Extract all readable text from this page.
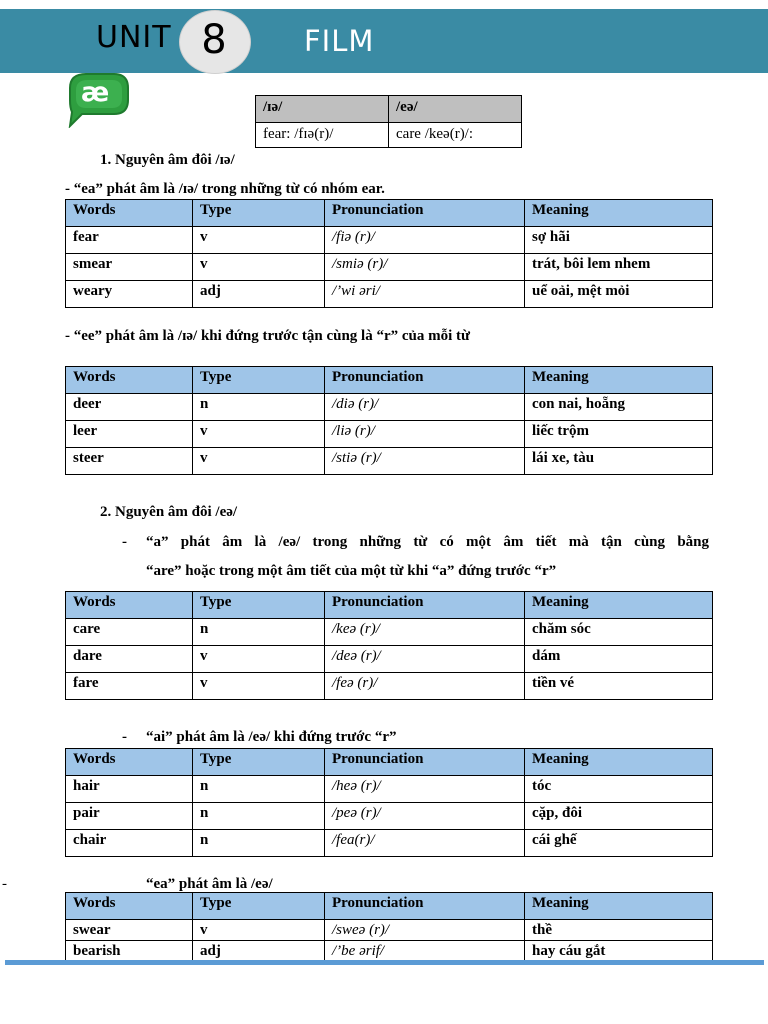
UNIT 8	FILM
æ	/ɪə/	/eə/
fear: /fɪə(r)/	care /keə(r)/:
1. Nguyên âm đôi /ɪə/
- “ea” phát âm là /ɪə/ trong những từ có nhóm ear.
Words	Type	Pronunciation	Meaning
fear	v	/fiə (r)/	sợ hãi
smear	v	/smiə (r)/	trát, bôi lem nhem
weary	adj	/’wi əri/	uể oải, mệt mỏi
- “ee” phát âm là /ɪə/ khi đứng trước tận cùng là “r” của mỗi từ
Words	Type	Pronunciation	Meaning
deer	n	/diə (r)/	con nai, hoẵng
leer	v	/liə (r)/	liếc trộm
steer	v	/stiə (r)/	lái xe, tàu
2. Nguyên âm đôi /eə/
- “a” phát âm là /eə/ trong những từ có một âm tiết mà tận cùng bằng
“are” hoặc trong một âm tiết của một từ khi “a” đứng trước “r”
Words	Type	Pronunciation	Meaning
care	n	/keə (r)/	chăm sóc
dare	v	/deə (r)/	dám
fare	v	/feə (r)/	tiền vé
- “ai” phát âm là /eə/ khi đứng trước “r”
Words	Type	Pronunciation	Meaning
hair	n	/heə (r)/	tóc
pair	n	/peə (r)/	cặp, đôi
chair	n	/fea(r)/	cái ghế
-	“ea” phát âm là /eə/
Words	Type	Pronunciation	Meaning
swear	v	/sweə (r)/	thề
bearish	adj	/’be ərif/	hay cáu gắt
